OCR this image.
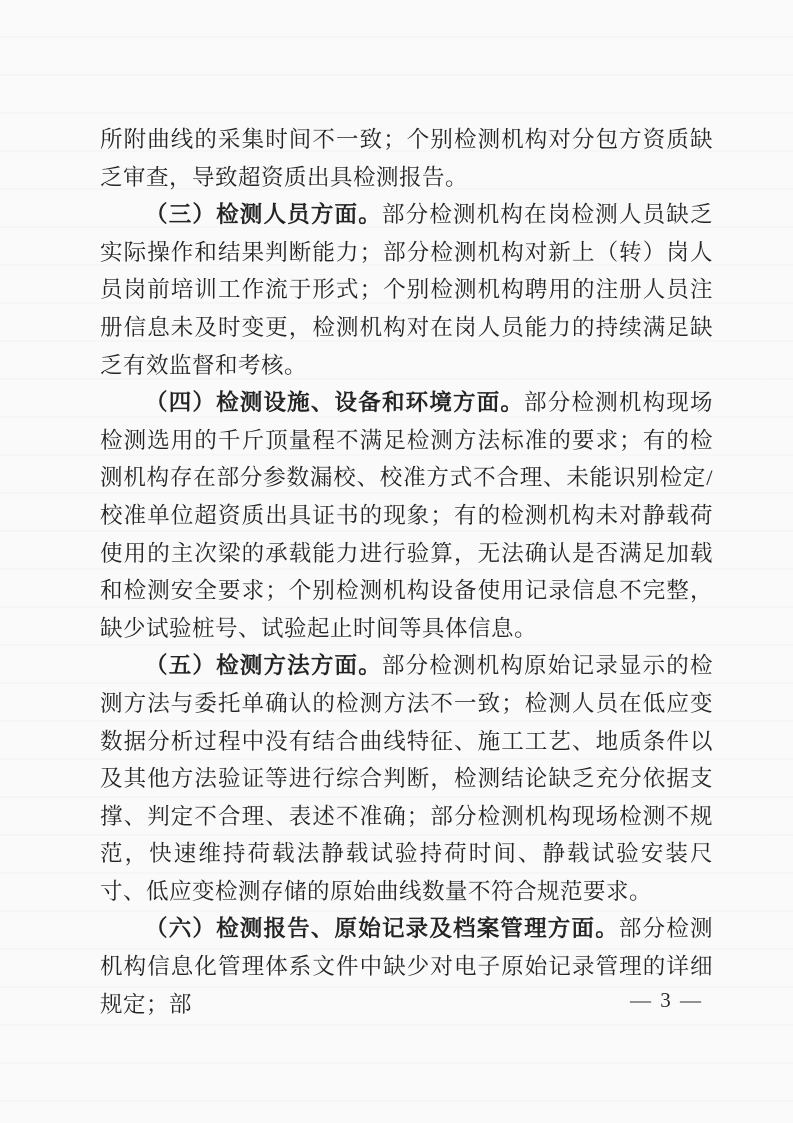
所附曲线的采集时间不一致；个别检测机构对分包方资质缺乏审查，导致超资质出具检测报告。

（三）检测人员方面。部分检测机构在岗检测人员缺乏实际操作和结果判断能力；部分检测机构对新上（转）岗人员岗前培训工作流于形式；个别检测机构聘用的注册人员注册信息未及时变更，检测机构对在岗人员能力的持续满足缺乏有效监督和考核。

（四）检测设施、设备和环境方面。部分检测机构现场检测选用的千斤顶量程不满足检测方法标准的要求；有的检测机构存在部分参数漏校、校准方式不合理、未能识别检定/校准单位超资质出具证书的现象；有的检测机构未对静载荷使用的主次梁的承载能力进行验算，无法确认是否满足加载和检测安全要求；个别检测机构设备使用记录信息不完整，缺少试验桩号、试验起止时间等具体信息。

（五）检测方法方面。部分检测机构原始记录显示的检测方法与委托单确认的检测方法不一致；检测人员在低应变数据分析过程中没有结合曲线特征、施工工艺、地质条件以及其他方法验证等进行综合判断，检测结论缺乏充分依据支撑、判定不合理、表述不准确；部分检测机构现场检测不规范，快速维持荷载法静载试验持荷时间、静载试验安装尺寸、低应变检测存储的原始曲线数量不符合规范要求。

（六）检测报告、原始记录及档案管理方面。部分检测机构信息化管理体系文件中缺少对电子原始记录管理的详细规定；部	— 3 —
